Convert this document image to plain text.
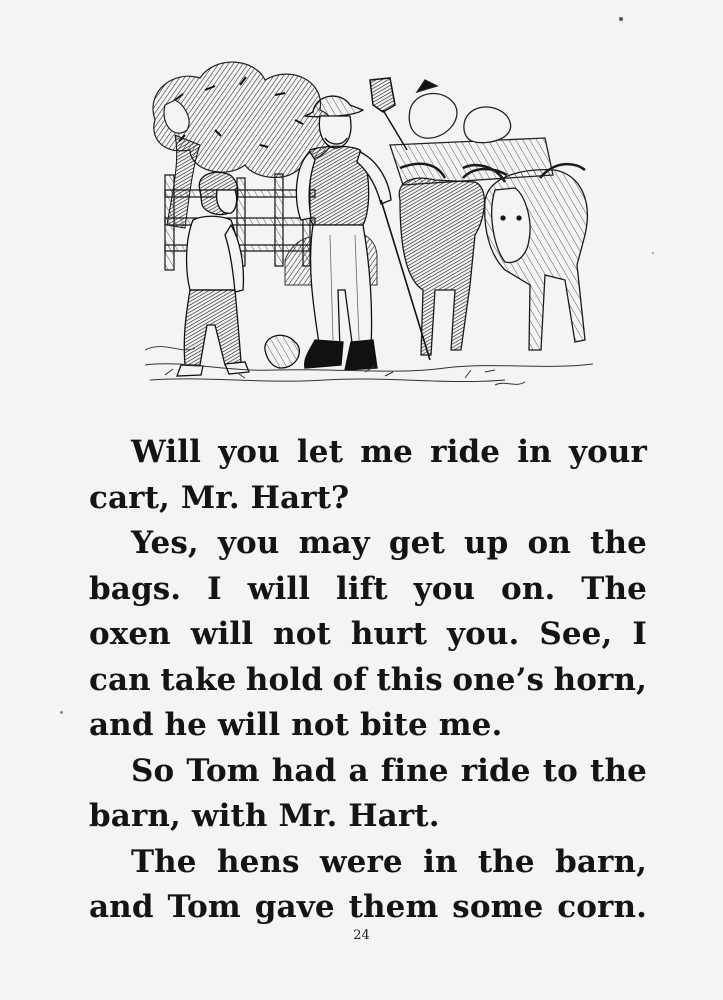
Will you let me ride in your
cart, Mr. Hart?
Yes, you may get up on the
bags. I will lift you on. The
oxen will not hurt you. See, I
can take hold of this one’s horn,
and he will not bite me.
So Tom had a fine ride to the
barn, with Mr. Hart.
The hens were in the barn,
and Tom gave them some corn.
24
